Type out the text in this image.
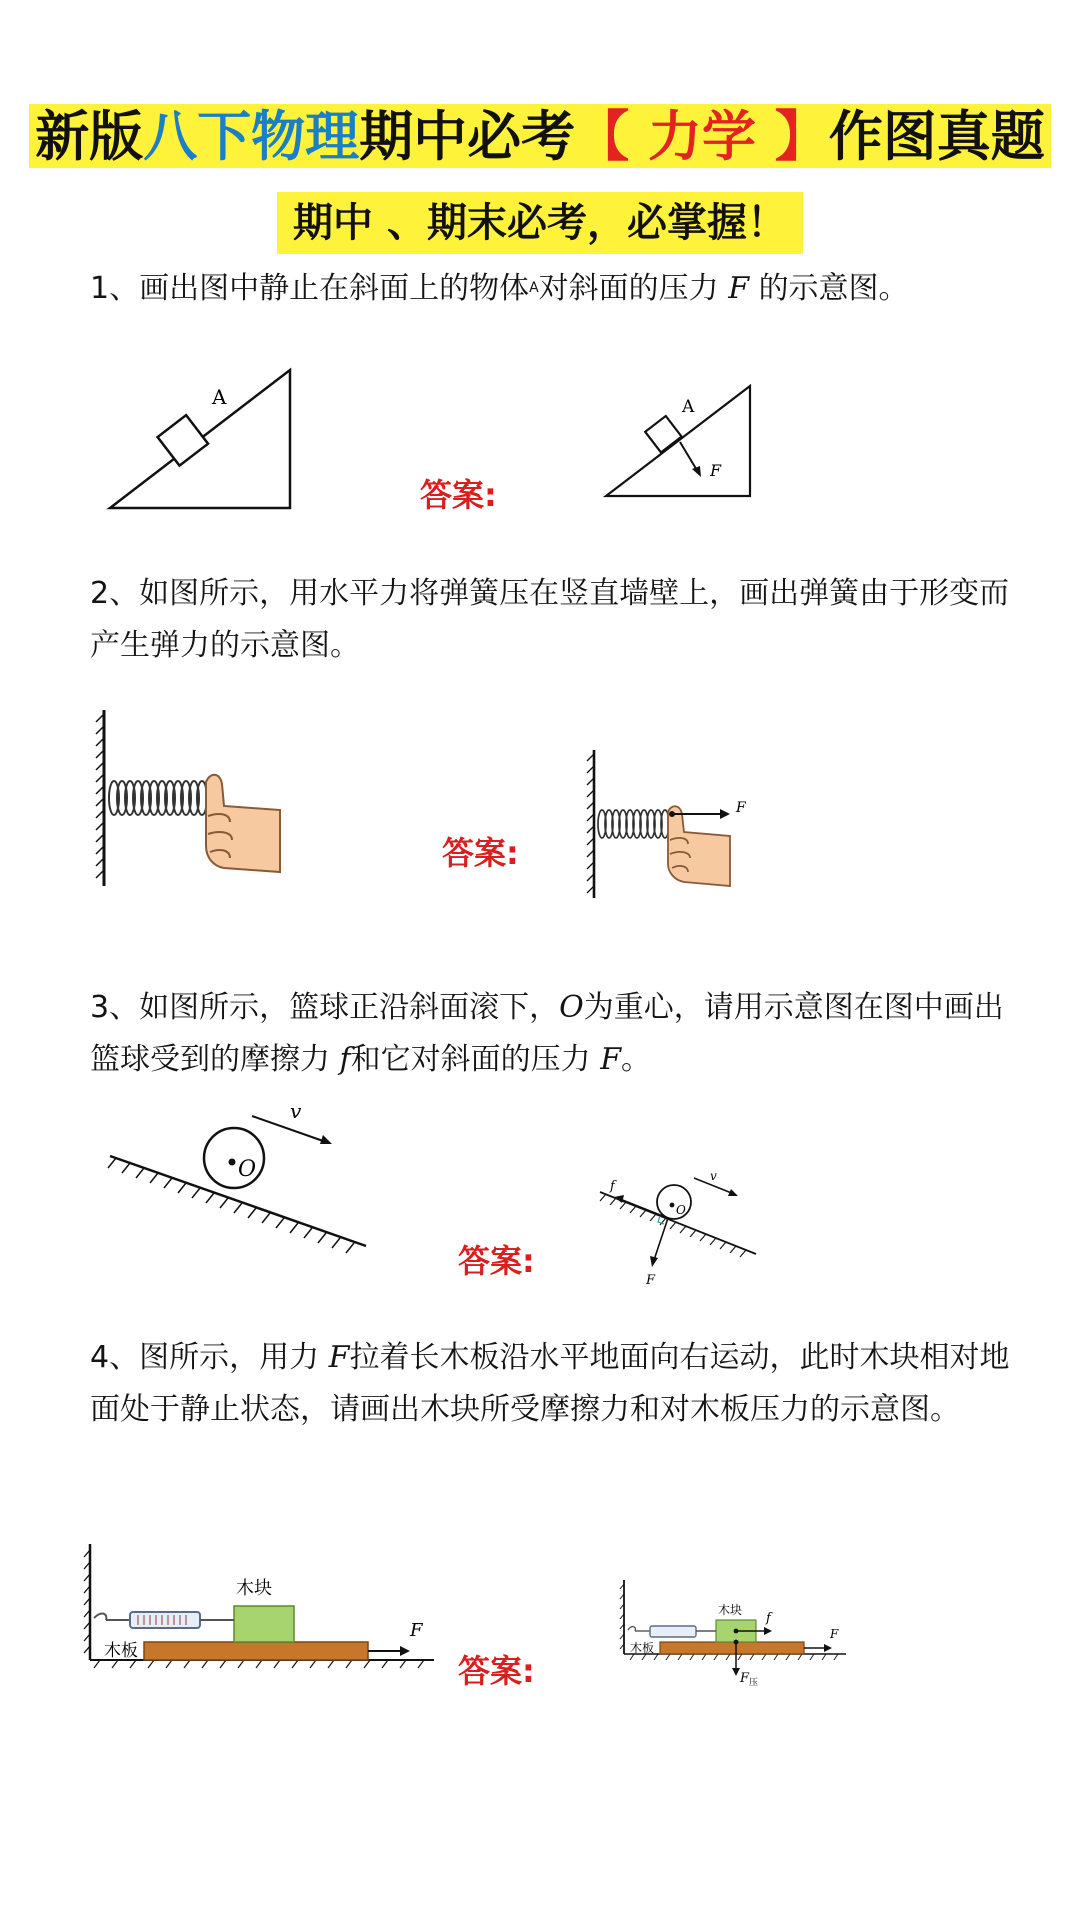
新版八下物理期中必考【 力学 】作图真题
期中 、期末必考，必掌握！
1、画出图中静止在斜面上的物体$^A$对斜面的压力 F 的示意图。
A
答案:
A
F
2、如图所示，用水平力将弹簧压在竖直墙壁上，画出弹簧由于形变而产生弹力的示意图。
答案:
F
3、如图所示，篮球正沿斜面滚下，O为重心，请用示意图在图中画出篮球受到的摩擦力 f和它对斜面的压力 F。
O
v
答案:
O
v
f
F
4、图所示，用力 F拉着长木板沿水平地面向右运动，此时木块相对地面处于静止状态，请画出木块所受摩擦力和对木板压力的示意图。
木板
木块
F
答案:
木板
木块
f
$F_压$
F
